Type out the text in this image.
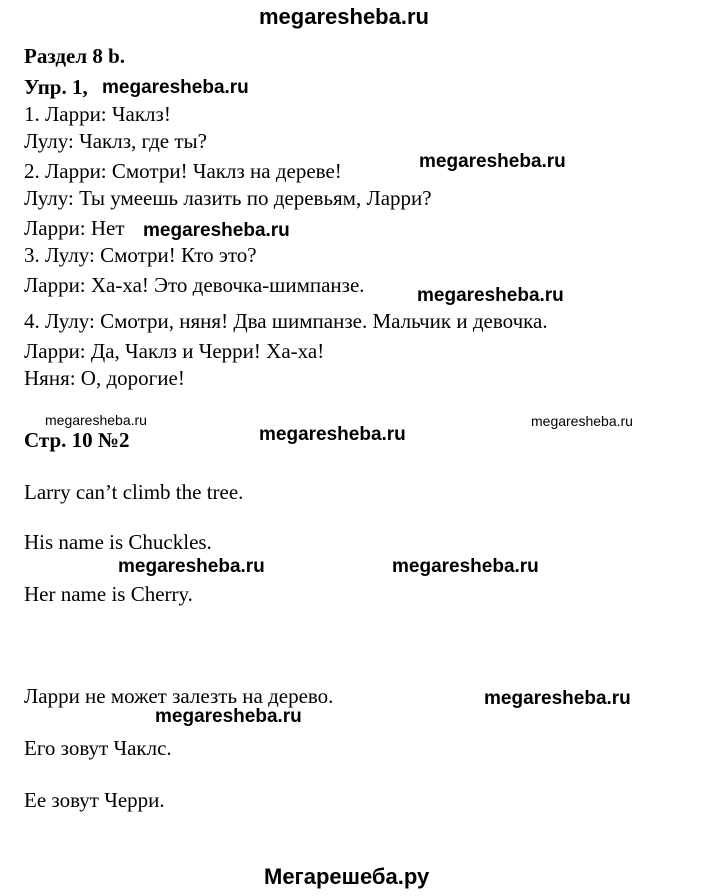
megaresheba.ru
Раздел 8 b.
Упр. 1, megaresheba.ru
1. Ларри: Чаклз!
Лулу: Чаклз, где ты?
2. Ларри: Смотри! Чаклз на дереве!	megaresheba.ru
Лулу: Ты умеешь лазить по деревьям, Ларри?
Ларри: Нет megaresheba.ru
3. Лулу: Смотри! Кто это?
Ларри: Ха-ха! Это девочка-шимпанзе.	megaresheba.ru
4. Лулу: Смотри, няня! Два шимпанзе. Мальчик и девочка.
Ларри: Да, Чаклз и Черри! Ха-ха!
Няня: О, дорогие!
megaresheba.ru	megaresheba.ru
Стр. 10 №2	megaresheba.ru
Larry can’t climb the tree.
His name is Chuckles.
megaresheba.ru	megaresheba.ru
Her name is Cherry.
Ларри не может залезть на дерево.	megaresheba.ru
megaresheba.ru
Его зовут Чаклс.
Ее зовут Черри.
Мегарешеба.ру
